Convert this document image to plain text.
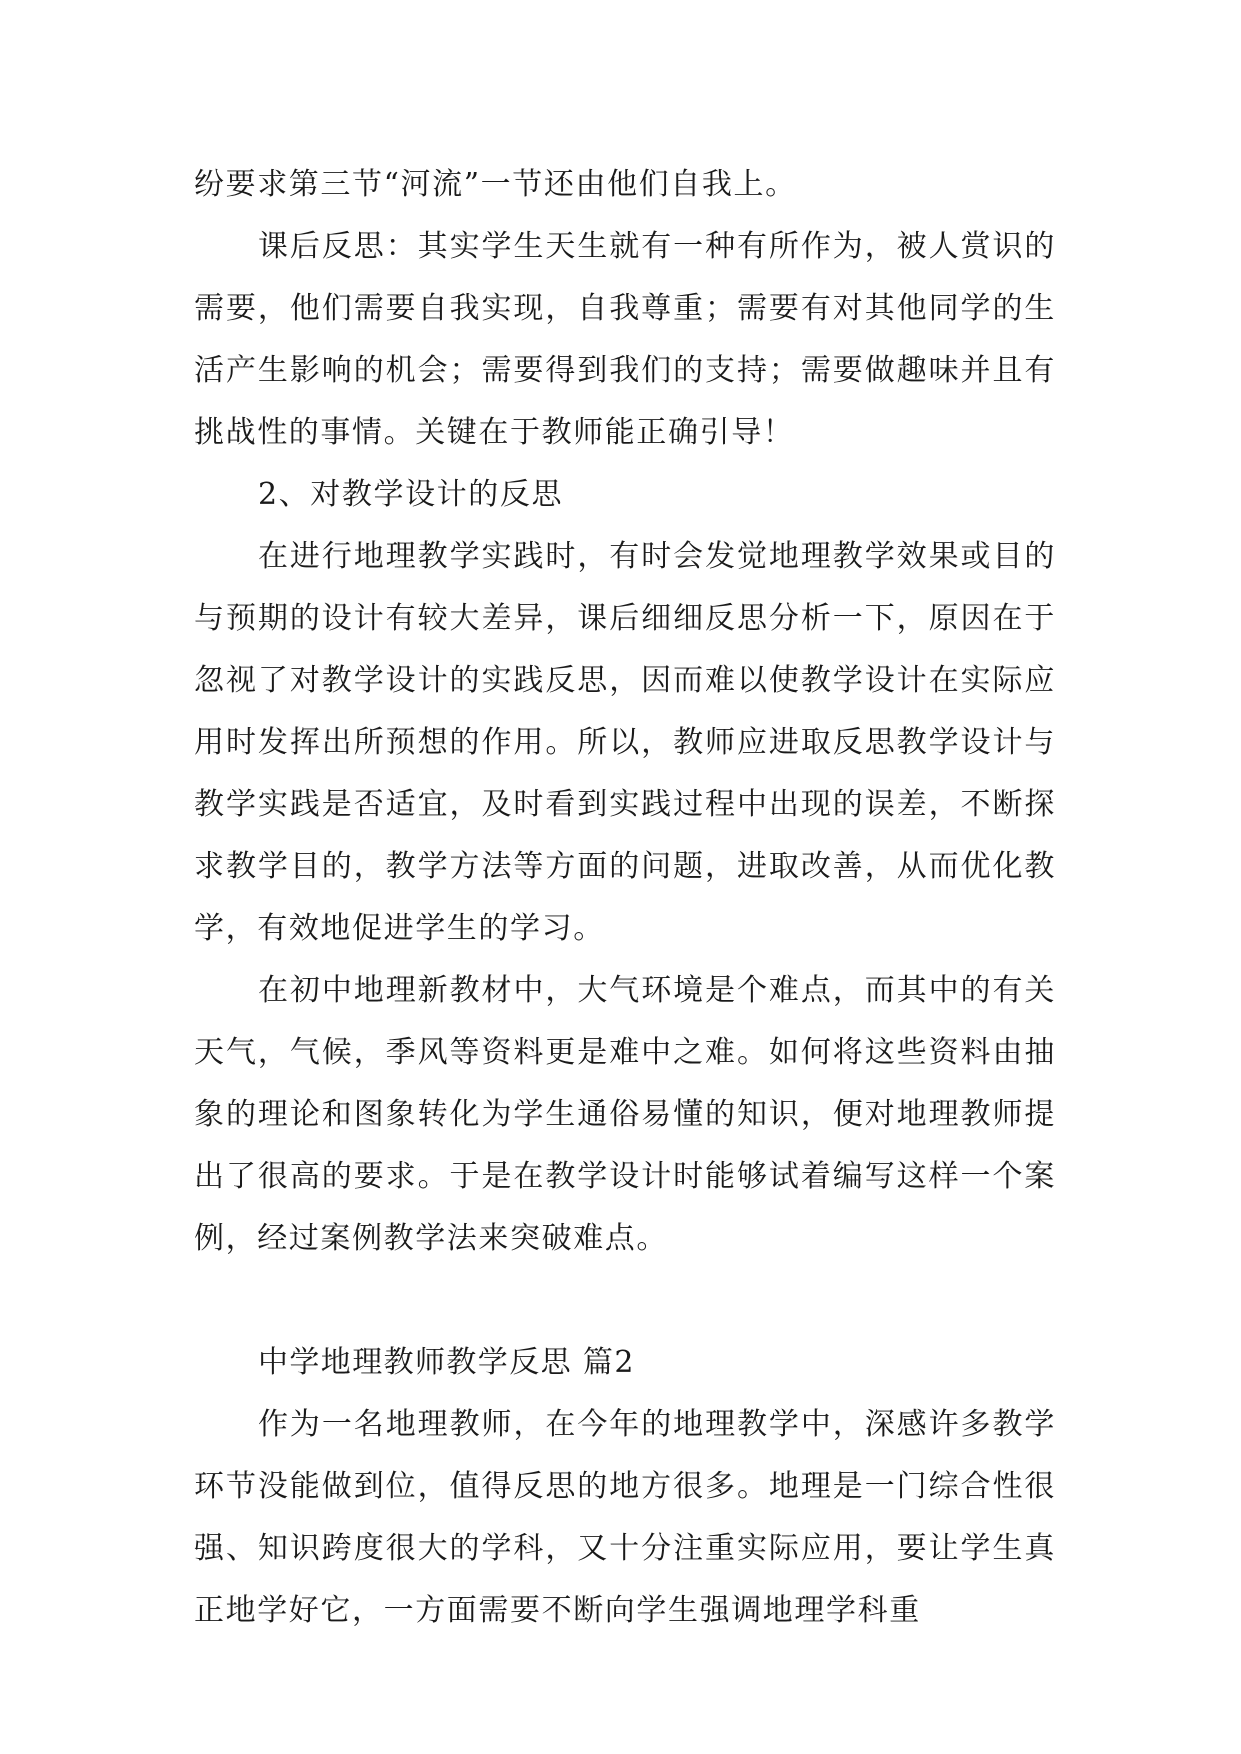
纷要求第三节“河流”一节还由他们自我上。

课后反思：其实学生天生就有一种有所作为，被人赏识的需要，他们需要自我实现，自我尊重；需要有对其他同学的生活产生影响的机会；需要得到我们的支持；需要做趣味并且有挑战性的事情。关键在于教师能正确引导！

2、对教学设计的反思

在进行地理教学实践时，有时会发觉地理教学效果或目的与预期的设计有较大差异，课后细细反思分析一下，原因在于忽视了对教学设计的实践反思，因而难以使教学设计在实际应用时发挥出所预想的作用。所以，教师应进取反思教学设计与教学实践是否适宜，及时看到实践过程中出现的误差，不断探求教学目的，教学方法等方面的问题，进取改善，从而优化教学，有效地促进学生的学习。

在初中地理新教材中，大气环境是个难点，而其中的有关天气，气候，季风等资料更是难中之难。如何将这些资料由抽象的理论和图象转化为学生通俗易懂的知识，便对地理教师提出了很高的要求。于是在教学设计时能够试着编写这样一个案例，经过案例教学法来突破难点。

中学地理教师教学反思 篇2

作为一名地理教师，在今年的地理教学中，深感许多教学环节没能做到位，值得反思的地方很多。地理是一门综合性很强、知识跨度很大的学科，又十分注重实际应用，要让学生真正地学好它，一方面需要不断向学生强调地理学科重
